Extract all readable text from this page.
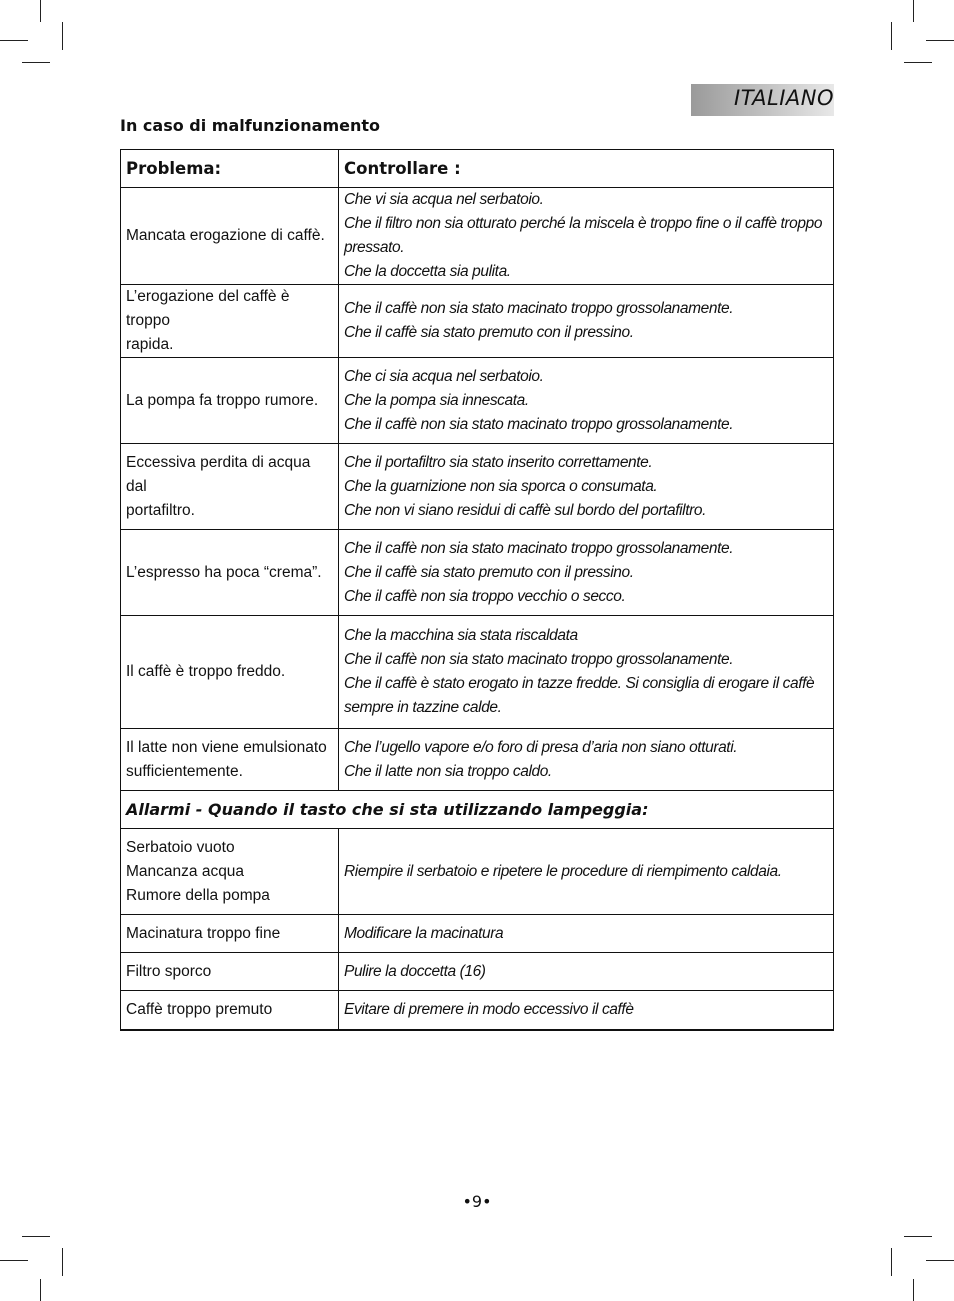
ITALIANO
In caso di malfunzionamento
Problema:	Controllare :

Mancata erogazione di caffè.	Che vi sia acqua nel serbatoio.
Che il filtro non sia otturato perché la miscela è troppo fine o il caffè troppo pressato.
Che la doccetta sia pulita.

L’erogazione del caffè è troppo
rapida.	Che il caffè non sia stato macinato troppo grossolanamente.
Che il caffè sia stato premuto con il pressino.

La pompa fa troppo rumore.	Che ci sia acqua nel serbatoio.
Che la pompa sia innescata.
Che il caffè non sia stato macinato troppo grossolanamente.

Eccessiva perdita di acqua dal
portafiltro.	Che il portafiltro sia stato inserito correttamente.
Che la guarnizione non sia sporca o consumata.
Che non vi siano residui di caffè sul bordo del portafiltro.

L’espresso ha poca “crema”.	Che il caffè non sia stato macinato troppo grossolanamente.
Che il caffè sia stato premuto con il pressino.
Che il caffè non sia troppo vecchio o secco.

Il caffè è troppo freddo.	Che la macchina sia stata riscaldata
Che il caffè non sia stato macinato troppo grossolanamente.
Che il caffè è stato erogato in tazze fredde. Si consiglia di erogare il caffè sempre in tazzine calde.

Il latte non viene emulsionato
sufficientemente.	Che l’ugello vapore e/o foro di presa d’aria non siano otturati.
Che il latte non sia troppo caldo.

Allarmi - Quando il tasto che si sta utilizzando lampeggia:	

Serbatoio vuoto
Mancanza acqua
Rumore della pompa	Riempire il serbatoio e ripetere le procedure di riempimento caldaia.

Macinatura troppo fine	Modificare la macinatura

Filtro sporco	Pulire la doccetta (16)

Caffè troppo premuto	Evitare di premere in modo eccessivo il caffè
•9•
